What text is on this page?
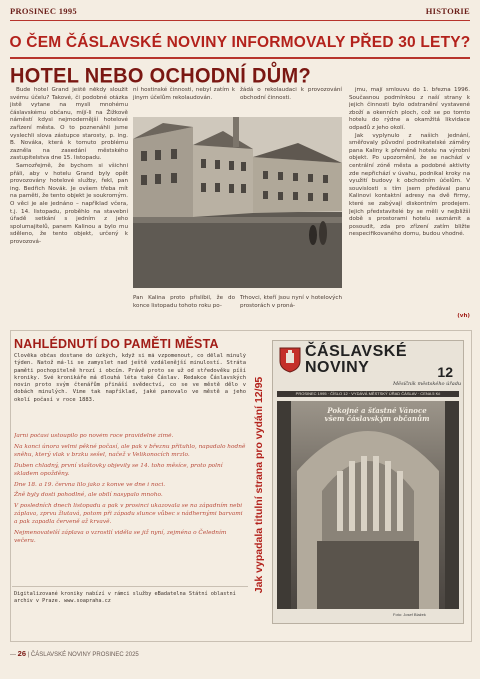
PROSINEC 1995	HISTORIE
O ČEM ČÁSLAVSKÉ NOVINY INFORMOVALY PŘED 30 LETY?
HOTEL NEBO OCHODNÍ DŮM?

Bude hotel Grand ještě někdy sloužit svému účelu? Takové, či podobné otázka jistě vytane na mysli mnohému čáslavskému občanu, míjí-li na Žižkově náměstí kdysi nejmodernější hotelové zařízení města. O to poznenáhli jsme vyslechli slova zástupce starosty, p. ing. B. Nováka, která k tomuto problému zazněla na zasedání městského zastupitelstva dne 15. listopadu.

Samozřejmě, že bychom si všichni přáli, aby v hotelu Grand byly opět provozovány hotelové služby, řekl, pan ing. Bedřich Novák. Je ovšem třeba mít na paměti, že tento objekt je soukromým. O věci je ale jednáno – například včera, t.j. 14. listopadu, proběhlo na stavební úřadě setkání s jedním z jeho spolumajitelů, panem Kalinou a bylo mu sděleno, že tento objekt, určený k provozová-

ní hostinské činnosti, nebyl zatím k jinym účelům rekolaudován.
žádá o rekolaudaci k provozování obchodní činnosti.
Pan Kalina proto přislíbil, že do konce listopadu tohoto roku po-
Trhovci, kteří jsou nyní v hotelových prostorách v proná-

jmu, mají smlouvu do 1. března 1996. Současnou podmínkou z naší strany k jejich činnosti bylo odstranění vystavené zboží a okenních ploch, což se po tomto hotelu do rýdne a okamžitá likvidace odpadů z jeho okolí.

Jak vyplynulo z našich jednání, směřovaly původní podnikatelské záměry pana Kaliny k přeměně hotelu na výrobní objekt. Po upozornění, že se nachází v centrální zóně města a podobné aktivity zde nepřichází v úvahu, podnikal kroky na využití budovy k obchodním účelům. V souvislosti s tím jsem předával panu Kalinovi kontaktní adresy na dvě firmy, které se zabývají diskontním prodejem. Jejich představitelé by se měli v nejbližší době s prostorami hotelu seznámit a posoudit, zda pro zřízení zatím bližte nespecifikovaného domu, budou vhodné.

(vh)
NAHLÉDNUTÍ DO PAMĚTI MĚSTA
Člověka občas dostane do úzkých, když si má vzpomenout, co dělal minulý týden. Natož má-li se zamyslet nad ještě vzdálenější minulostí. Stráta paměti pochopitelně hrozí i obcím. Právě proto se už od středověku píší kroniky. Své kronikáře má dlouhá léta také Čáslav. Redakce Čáslavských novin proto svým čtenářům přináší svědectví, co se ve městě dělo v dobách minulých. Vime tak například, jaké panovalo ve městě a jeho okolí počasí v roce 1883.
Jarní počasí ustoupilo po novém roce pravidelné zimě.
Na konci února velmi pěkné počasí, ale pak v březnu přituhlo, napadalo hodně sněhu, který vlak v brzku sešel, načež v Velikonocích mrzlo.
Duben chladný, první vlaštovky objevily se 14. toho měsíce, proto polní skladem opožděny.
Dne 18. a 19. června lilo jako z konve ve dne i noci.
Žně byly dosti pohodlné, ale obilí nasypalo mnoho.
V posledních dnech listopadu a pak v prosinci ukazovala se na západním nebi záplava, zprvu žlutavá, potom při západu slunce vůbec s nádhernými barvami a pak zapadla červeně až krvavě.
Nejmenovatelší záplava o vzrostlí viděla se již nyní, zejména o Čeledním večeru.
Digitalizované kroniky nabízí v rámci služby eBadatelna Státní oblastní archiv v Praze. www.soapraha.cz
Jak vypadala titulní strana pro vydání 12/95
ČÁSLAVSKÉ NOVINY	12
Měsíčník městského úřadu
PROSINEC 1995 · ČÍSLO 12 · VYDÁVÁ MĚSTSKÝ ÚŘAD ČÁSLAV · CENA 5 Kč
Pokojné a šťastné Vánoce všem čáslavským občanům
Foto: Josef Blažek
— 26 | ČÁSLAVSKÉ NOVINY PROSINEC 2025
